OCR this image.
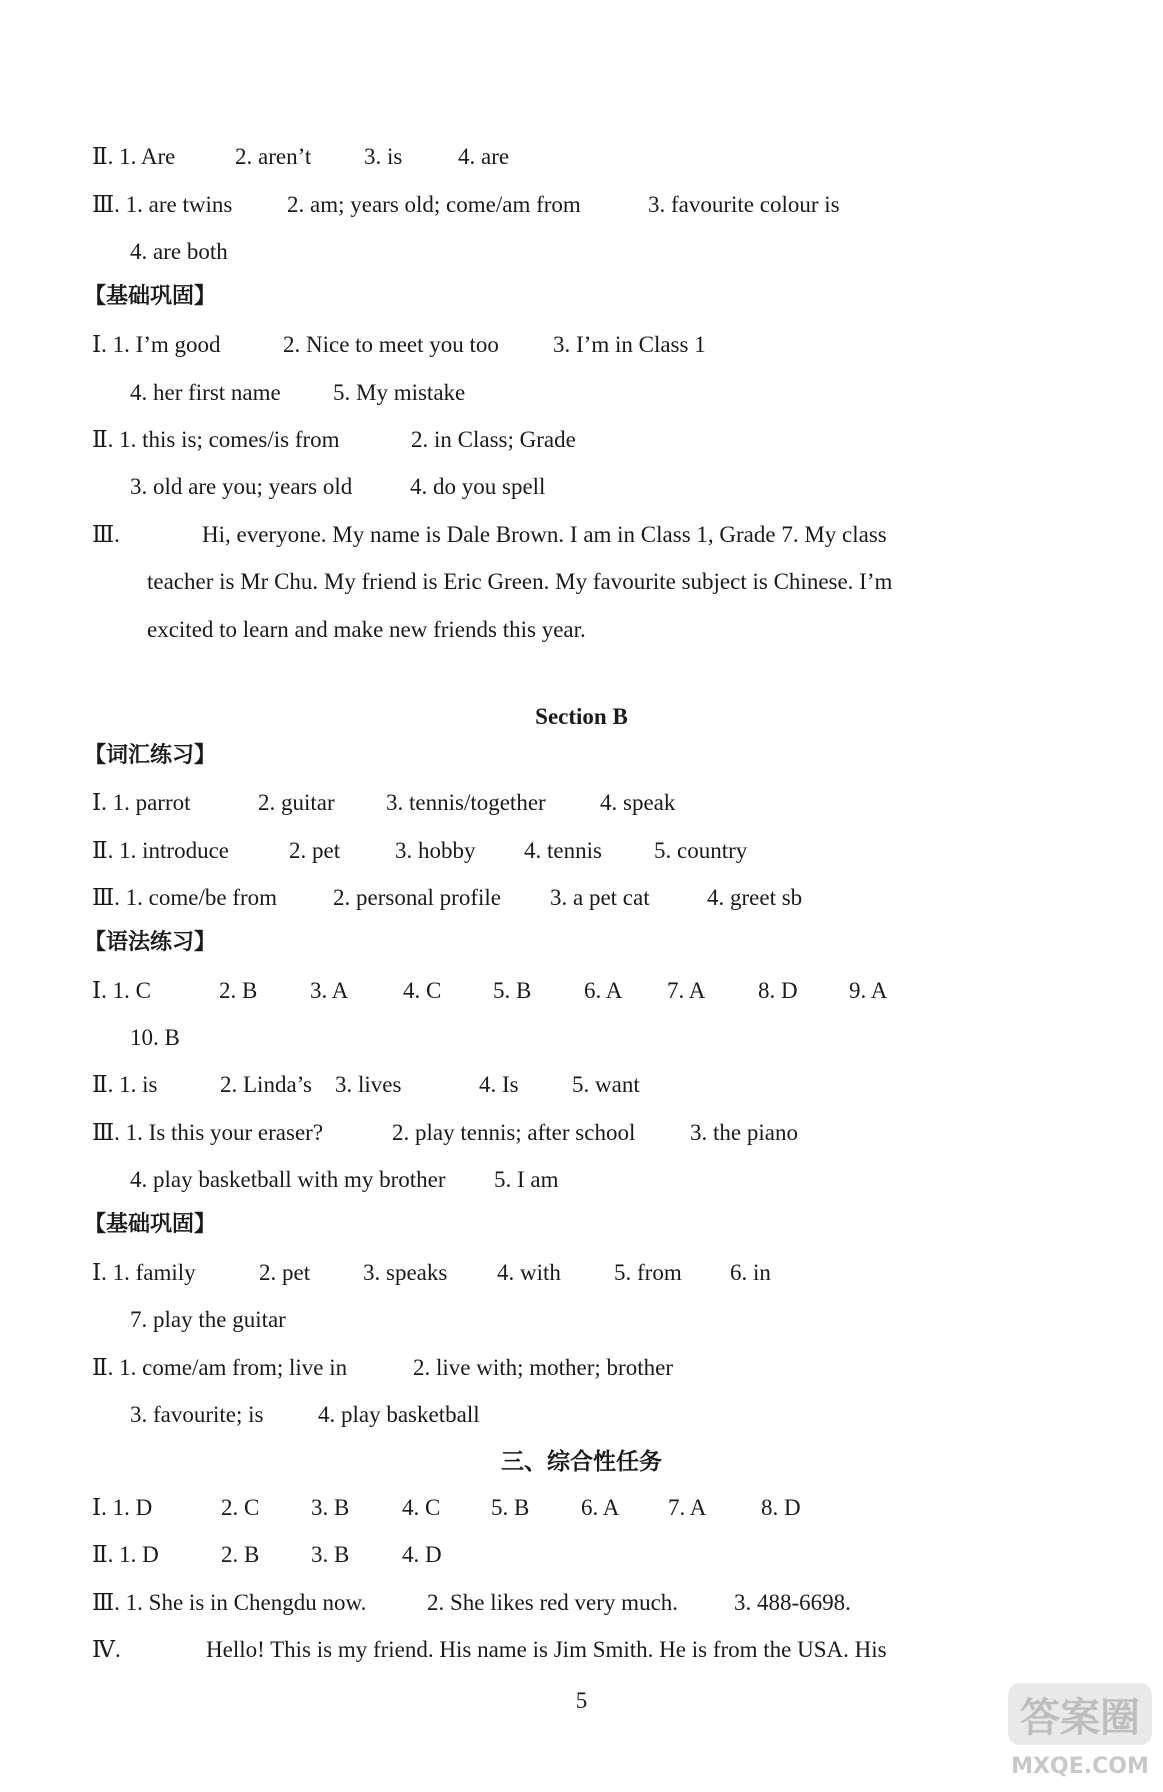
Ⅱ. 1. Are	2. aren’t 3. is 4. are
Ⅲ. 1. are twins 2. am; years old; come/am from	3. favourite colour is
4. are both
【基础巩固】
Ⅰ. 1. I’m good	2. Nice to meet you too 3. I’m in Class 1
4. her first name 5. My mistake
Ⅱ. 1. this is; comes/is from	2. in Class; Grade
3. old are you; years old	4. do you spell
Ⅲ.
Section B
【词汇练习】
Ⅰ. 1. parrot	2. guitar 3. tennis/together 4. speak
Ⅱ. 1. introduce	2. pet 3. hobby 4. tennis 5. country
Ⅲ. 1. come/be from 2. personal profile 3. a pet cat 4. greet sb
【语法练习】
Ⅰ. 1. C	2. B 3. A 4. C 5. B 6. A 7. A 8. D 9. A
10. B
Ⅱ. 1. is	2. Linda’s 3. lives	4. Is 5. want
Ⅲ. 1. Is this your eraser?	2. play tennis; after school 3. the piano
4. play basketball with my brother 5. I am
【基础巩固】
Ⅰ. 1. family	2. pet 3. speaks 4. with 5. from 6. in
7. play the guitar
Ⅱ. 1. come/am from; live in	2. live with; mother; brother
3. favourite; is 4. play basketball
三、综合性任务
Ⅰ. 1. D	2. C 3. B 4. C 5. B 6. A 7. A 8. D
Ⅱ. 1. D	2. B 3. B 4. D
Ⅲ. 1. She is in Chengdu now.	2. She likes red very much. 3. 488-6698.
Ⅳ.
Hi, everyone. My name is Dale Brown. I am in Class 1, Grade 7. My class
teacher is Mr Chu. My friend is Eric Green. My favourite subject is Chinese. I’m
excited to learn and make new friends this year.
Hello! This is my friend. His name is Jim Smith. He is from the USA. His
5	答案圈
MXQE.COM
